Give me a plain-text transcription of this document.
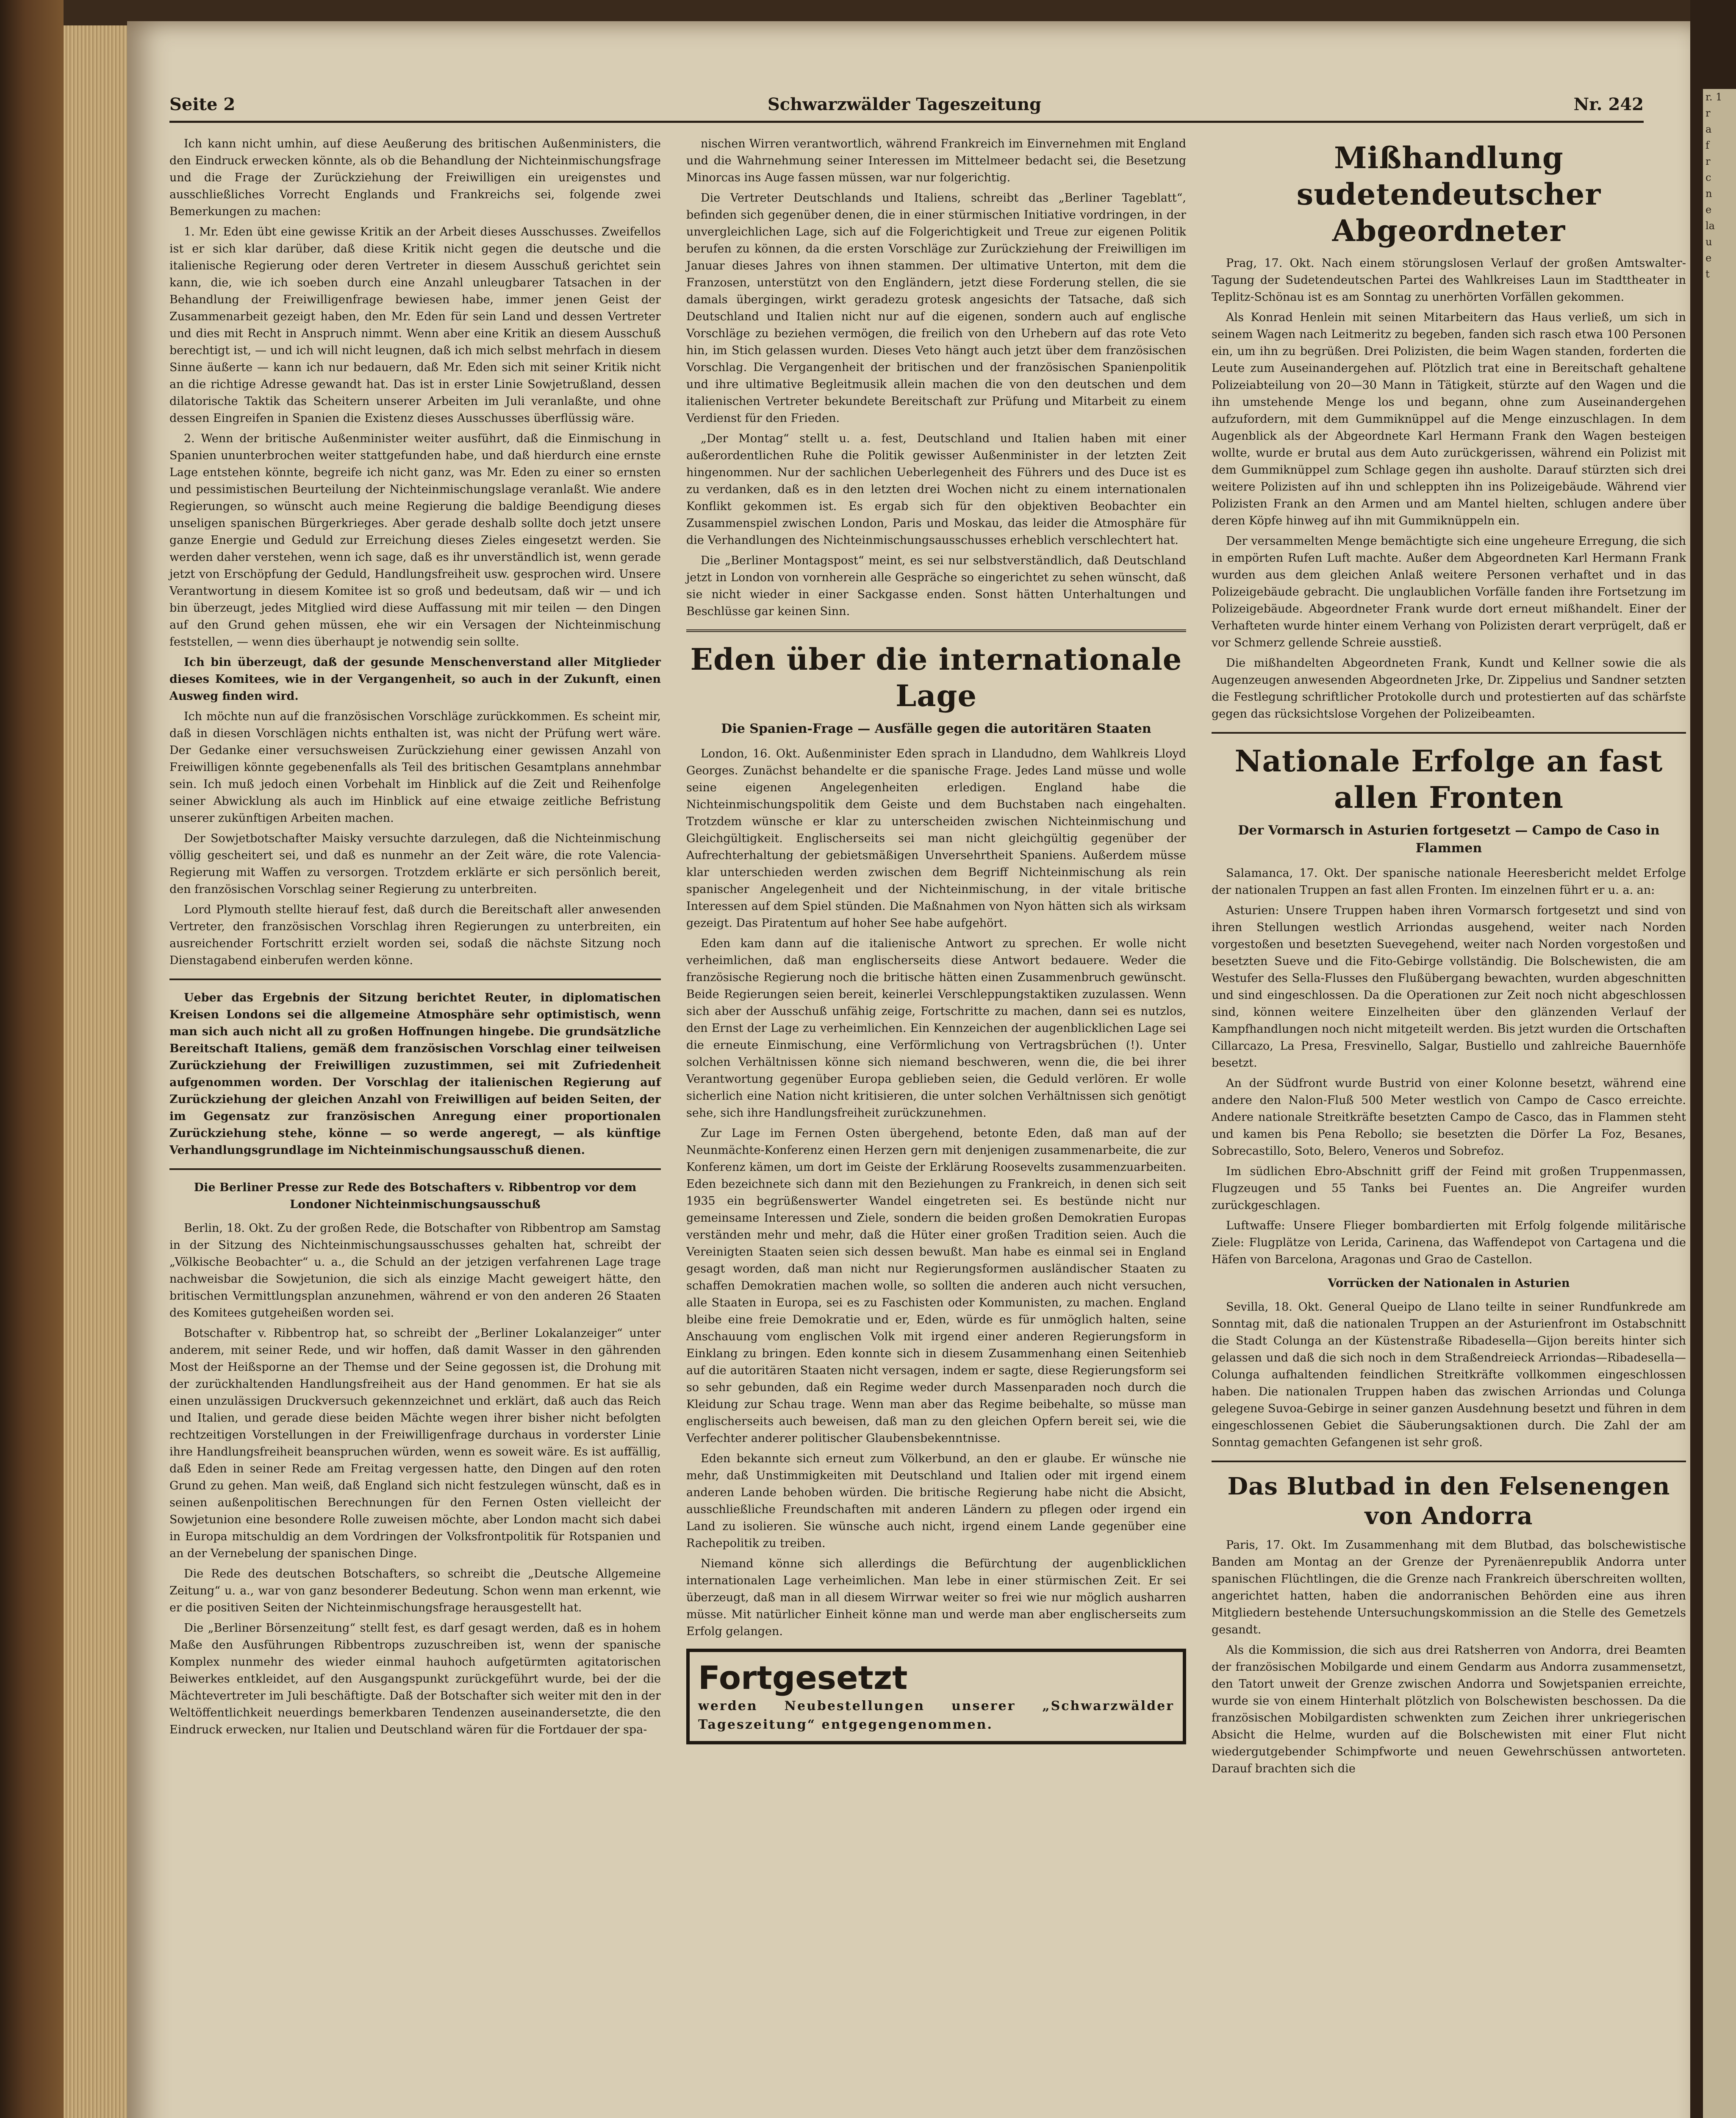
Seite 2	Schwarzwälder Tageszeitung	Nr. 242

Ich kann nicht umhin, auf diese Aeußerung des britischen Außenministers, die den Eindruck erwecken könnte, als ob die Behandlung der Nichteinmischungsfrage und die Frage der Zurückziehung der Freiwilligen ein ureigenstes und ausschließliches Vorrecht Englands und Frankreichs sei, folgende zwei Bemerkungen zu machen:

1. Mr. Eden übt eine gewisse Kritik an der Arbeit dieses Ausschusses. Zweifellos ist er sich klar darüber, daß diese Kritik nicht gegen die deutsche und die italienische Regierung oder deren Vertreter in diesem Ausschuß gerichtet sein kann, die, wie ich soeben durch eine Anzahl unleugbarer Tatsachen in der Behandlung der Freiwilligenfrage bewiesen habe, immer jenen Geist der Zusammenarbeit gezeigt haben, den Mr. Eden für sein Land und dessen Vertreter und dies mit Recht in Anspruch nimmt. Wenn aber eine Kritik an diesem Ausschuß berechtigt ist, — und ich will nicht leugnen, daß ich mich selbst mehrfach in diesem Sinne äußerte — kann ich nur bedauern, daß Mr. Eden sich mit seiner Kritik nicht an die richtige Adresse gewandt hat. Das ist in erster Linie Sowjetrußland, dessen dilatorische Taktik das Scheitern unserer Arbeiten im Juli veranlaßte, und ohne dessen Eingreifen in Spanien die Existenz dieses Ausschusses überflüssig wäre.

2. Wenn der britische Außenminister weiter ausführt, daß die Einmischung in Spanien ununterbrochen weiter stattgefunden habe, und daß hierdurch eine ernste Lage entstehen könnte, begreife ich nicht ganz, was Mr. Eden zu einer so ernsten und pessimistischen Beurteilung der Nichteinmischungslage veranlaßt. Wie andere Regierungen, so wünscht auch meine Regierung die baldige Beendigung dieses unseligen spanischen Bürgerkrieges. Aber gerade deshalb sollte doch jetzt unsere ganze Energie und Geduld zur Erreichung dieses Zieles eingesetzt werden. Sie werden daher verstehen, wenn ich sage, daß es ihr unverständlich ist, wenn gerade jetzt von Erschöpfung der Geduld, Handlungsfreiheit usw. gesprochen wird. Unsere Verantwortung in diesem Komitee ist so groß und bedeutsam, daß wir — und ich bin überzeugt, jedes Mitglied wird diese Auffassung mit mir teilen — den Dingen auf den Grund gehen müssen, ehe wir ein Versagen der Nichteinmischung feststellen, — wenn dies überhaupt je notwendig sein sollte.

Ich bin überzeugt, daß der gesunde Menschenverstand aller Mitglieder dieses Komitees, wie in der Vergangenheit, so auch in der Zukunft, einen Ausweg finden wird.

Ich möchte nun auf die französischen Vorschläge zurückkommen. Es scheint mir, daß in diesen Vorschlägen nichts enthalten ist, was nicht der Prüfung wert wäre. Der Gedanke einer versuchsweisen Zurückziehung einer gewissen Anzahl von Freiwilligen könnte gegebenenfalls als Teil des britischen Gesamtplans annehmbar sein. Ich muß jedoch einen Vorbehalt im Hinblick auf die Zeit und Reihenfolge seiner Abwicklung als auch im Hinblick auf eine etwaige zeitliche Befristung unserer zukünftigen Arbeiten machen.

Der Sowjetbotschafter Maisky versuchte darzulegen, daß die Nichteinmischung völlig gescheitert sei, und daß es nunmehr an der Zeit wäre, die rote Valencia-Regierung mit Waffen zu versorgen. Trotzdem erklärte er sich persönlich bereit, den französischen Vorschlag seiner Regierung zu unterbreiten.

Lord Plymouth stellte hierauf fest, daß durch die Bereitschaft aller anwesenden Vertreter, den französischen Vorschlag ihren Regierungen zu unterbreiten, ein ausreichender Fortschritt erzielt worden sei, sodaß die nächste Sitzung noch Dienstagabend einberufen werden könne.

Ueber das Ergebnis der Sitzung berichtet Reuter, in diplomatischen Kreisen Londons sei die allgemeine Atmosphäre sehr optimistisch, wenn man sich auch nicht all zu großen Hoffnungen hingebe. Die grundsätzliche Bereitschaft Italiens, gemäß dem französischen Vorschlag einer teilweisen Zurückziehung der Freiwilligen zuzustimmen, sei mit Zufriedenheit aufgenommen worden. Der Vorschlag der italienischen Regierung auf Zurückziehung der gleichen Anzahl von Freiwilligen auf beiden Seiten, der im Gegensatz zur französischen Anregung einer proportionalen Zurückziehung stehe, könne — so werde angeregt, — als künftige Verhandlungsgrundlage im Nichteinmischungsausschuß dienen.

Die Berliner Presse zur Rede des Botschafters v. Ribbentrop vor dem Londoner Nichteinmischungsausschuß

Berlin, 18. Okt. Zu der großen Rede, die Botschafter von Ribbentrop am Samstag in der Sitzung des Nichteinmischungsausschusses gehalten hat, schreibt der „Völkische Beobachter“ u. a., die Schuld an der jetzigen verfahrenen Lage trage nachweisbar die Sowjetunion, die sich als einzige Macht geweigert hätte, den britischen Vermittlungsplan anzunehmen, während er von den anderen 26 Staaten des Komitees gutgeheißen worden sei.

Botschafter v. Ribbentrop hat, so schreibt der „Berliner Lokalanzeiger“ unter anderem, mit seiner Rede, und wir hoffen, daß damit Wasser in den gährenden Most der Heißsporne an der Themse und der Seine gegossen ist, die Drohung mit der zurückhaltenden Handlungsfreiheit aus der Hand genommen. Er hat sie als einen unzulässigen Druckversuch gekennzeichnet und erklärt, daß auch das Reich und Italien, und gerade diese beiden Mächte wegen ihrer bisher nicht befolgten rechtzeitigen Vorstellungen in der Freiwilligenfrage durchaus in vorderster Linie ihre Handlungsfreiheit beanspruchen würden, wenn es soweit wäre. Es ist auffällig, daß Eden in seiner Rede am Freitag vergessen hatte, den Dingen auf den roten Grund zu gehen. Man weiß, daß England sich nicht festzulegen wünscht, daß es in seinen außenpolitischen Berechnungen für den Fernen Osten vielleicht der Sowjetunion eine besondere Rolle zuweisen möchte, aber London macht sich dabei in Europa mitschuldig an dem Vordringen der Volksfrontpolitik für Rotspanien und an der Vernebelung der spanischen Dinge.

Die Rede des deutschen Botschafters, so schreibt die „Deutsche Allgemeine Zeitung“ u. a., war von ganz besonderer Bedeutung. Schon wenn man erkennt, wie er die positiven Seiten der Nichteinmischungsfrage herausgestellt hat.

Die „Berliner Börsenzeitung“ stellt fest, es darf gesagt werden, daß es in hohem Maße den Ausführungen Ribbentrops zuzuschreiben ist, wenn der spanische Komplex nunmehr des wieder einmal hauhoch aufgetürmten agitatorischen Beiwerkes entkleidet, auf den Ausgangspunkt zurückgeführt wurde, bei der die Mächtevertreter im Juli beschäftigte. Daß der Botschafter sich weiter mit den in der Weltöffentlichkeit neuerdings bemerkbaren Tendenzen auseinandersetzte, die den Eindruck erwecken, nur Italien und Deutschland wären für die Fortdauer der spa-

nischen Wirren verantwortlich, während Frankreich im Einvernehmen mit England und die Wahrnehmung seiner Interessen im Mittelmeer bedacht sei, die Besetzung Minorcas ins Auge fassen müssen, war nur folgerichtig.

Die Vertreter Deutschlands und Italiens, schreibt das „Berliner Tageblatt“, befinden sich gegenüber denen, die in einer stürmischen Initiative vordringen, in der unvergleichlichen Lage, sich auf die Folgerichtigkeit und Treue zur eigenen Politik berufen zu können, da die ersten Vorschläge zur Zurückziehung der Freiwilligen im Januar dieses Jahres von ihnen stammen. Der ultimative Unterton, mit dem die Franzosen, unterstützt von den Engländern, jetzt diese Forderung stellen, die sie damals übergingen, wirkt geradezu grotesk angesichts der Tatsache, daß sich Deutschland und Italien nicht nur auf die eigenen, sondern auch auf englische Vorschläge zu beziehen vermögen, die freilich von den Urhebern auf das rote Veto hin, im Stich gelassen wurden. Dieses Veto hängt auch jetzt über dem französischen Vorschlag. Die Vergangenheit der britischen und der französischen Spanienpolitik und ihre ultimative Begleitmusik allein machen die von den deutschen und dem italienischen Vertreter bekundete Bereitschaft zur Prüfung und Mitarbeit zu einem Verdienst für den Frieden.

„Der Montag“ stellt u. a. fest, Deutschland und Italien haben mit einer außerordentlichen Ruhe die Politik gewisser Außenminister in der letzten Zeit hingenommen. Nur der sachlichen Ueberlegenheit des Führers und des Duce ist es zu verdanken, daß es in den letzten drei Wochen nicht zu einem internationalen Konflikt gekommen ist. Es ergab sich für den objektiven Beobachter ein Zusammenspiel zwischen London, Paris und Moskau, das leider die Atmosphäre für die Verhandlungen des Nichteinmischungsausschusses erheblich verschlechtert hat.

Die „Berliner Montagspost“ meint, es sei nur selbstverständlich, daß Deutschland jetzt in London von vornherein alle Gespräche so eingerichtet zu sehen wünscht, daß sie nicht wieder in einer Sackgasse enden. Sonst hätten Unterhaltungen und Beschlüsse gar keinen Sinn.

Eden über die internationale Lage
Die Spanien-Frage — Ausfälle gegen die autoritären Staaten

London, 16. Okt. Außenminister Eden sprach in Llandudno, dem Wahlkreis Lloyd Georges. Zunächst behandelte er die spanische Frage. Jedes Land müsse und wolle seine eigenen Angelegenheiten erledigen. England habe die Nichteinmischungspolitik dem Geiste und dem Buchstaben nach eingehalten. Trotzdem wünsche er klar zu unterscheiden zwischen Nichteinmischung und Gleichgültigkeit. Englischerseits sei man nicht gleichgültig gegenüber der Aufrechterhaltung der gebietsmäßigen Unversehrtheit Spaniens. Außerdem müsse klar unterschieden werden zwischen dem Begriff Nichteinmischung als rein spanischer Angelegenheit und der Nichteinmischung, in der vitale britische Interessen auf dem Spiel stünden. Die Maßnahmen von Nyon hätten sich als wirksam gezeigt. Das Piratentum auf hoher See habe aufgehört.

Eden kam dann auf die italienische Antwort zu sprechen. Er wolle nicht verheimlichen, daß man englischerseits diese Antwort bedauere. Weder die französische Regierung noch die britische hätten einen Zusammenbruch gewünscht. Beide Regierungen seien bereit, keinerlei Verschleppungstaktiken zuzulassen. Wenn sich aber der Ausschuß unfähig zeige, Fortschritte zu machen, dann sei es nutzlos, den Ernst der Lage zu verheimlichen. Ein Kennzeichen der augenblicklichen Lage sei die erneute Einmischung, eine Verförmlichung von Vertragsbrüchen (!). Unter solchen Verhältnissen könne sich niemand beschweren, wenn die, die bei ihrer Verantwortung gegenüber Europa geblieben seien, die Geduld verlören. Er wolle sicherlich eine Nation nicht kritisieren, die unter solchen Verhältnissen sich genötigt sehe, sich ihre Handlungsfreiheit zurückzunehmen.

Zur Lage im Fernen Osten übergehend, betonte Eden, daß man auf der Neunmächte-Konferenz einen Herzen gern mit denjenigen zusammenarbeite, die zur Konferenz kämen, um dort im Geiste der Erklärung Roosevelts zusammenzuarbeiten. Eden bezeichnete sich dann mit den Beziehungen zu Frankreich, in denen sich seit 1935 ein begrüßenswerter Wandel eingetreten sei. Es bestünde nicht nur gemeinsame Interessen und Ziele, sondern die beiden großen Demokratien Europas verständen mehr und mehr, daß die Hüter einer großen Tradition seien. Auch die Vereinigten Staaten seien sich dessen bewußt. Man habe es einmal sei in England gesagt worden, daß man nicht nur Regierungsformen ausländischer Staaten zu schaffen Demokratien machen wolle, so sollten die anderen auch nicht versuchen, alle Staaten in Europa, sei es zu Faschisten oder Kommunisten, zu machen. England bleibe eine freie Demokratie und er, Eden, würde es für unmöglich halten, seine Anschauung vom englischen Volk mit irgend einer anderen Regierungsform in Einklang zu bringen. Eden konnte sich in diesem Zusammenhang einen Seitenhieb auf die autoritären Staaten nicht versagen, indem er sagte, diese Regierungsform sei so sehr gebunden, daß ein Regime weder durch Massenparaden noch durch die Kleidung zur Schau trage. Wenn man aber das Regime beibehalte, so müsse man englischerseits auch beweisen, daß man zu den gleichen Opfern bereit sei, wie die Verfechter anderer politischer Glaubensbekenntnisse.

Eden bekannte sich erneut zum Völkerbund, an den er glaube. Er wünsche nie mehr, daß Unstimmigkeiten mit Deutschland und Italien oder mit irgend einem anderen Lande behoben würden. Die britische Regierung habe nicht die Absicht, ausschließliche Freundschaften mit anderen Ländern zu pflegen oder irgend ein Land zu isolieren. Sie wünsche auch nicht, irgend einem Lande gegenüber eine Rachepolitik zu treiben.

Niemand könne sich allerdings die Befürchtung der augenblicklichen internationalen Lage verheimlichen. Man lebe in einer stürmischen Zeit. Er sei überzeugt, daß man in all diesem Wirrwar weiter so frei wie nur möglich ausharren müsse. Mit natürlicher Einheit könne man und werde man aber englischerseits zum Erfolg gelangen.

Fortgesetzt
werden Neubestellungen unserer „Schwarzwälder Tageszeitung“ entgegengenommen.
Mißhandlung sudetendeutscher Abgeordneter

Prag, 17. Okt. Nach einem störungslosen Verlauf der großen Amtswalter-Tagung der Sudetendeutschen Partei des Wahlkreises Laun im Stadttheater in Teplitz-Schönau ist es am Sonntag zu unerhörten Vorfällen gekommen.

Als Konrad Henlein mit seinen Mitarbeitern das Haus verließ, um sich in seinem Wagen nach Leitmeritz zu begeben, fanden sich rasch etwa 100 Personen ein, um ihn zu begrüßen. Drei Polizisten, die beim Wagen standen, forderten die Leute zum Auseinandergehen auf. Plötzlich trat eine in Bereitschaft gehaltene Polizeiabteilung von 20—30 Mann in Tätigkeit, stürzte auf den Wagen und die ihn umstehende Menge los und begann, ohne zum Auseinandergehen aufzufordern, mit dem Gummiknüppel auf die Menge einzuschlagen. In dem Augenblick als der Abgeordnete Karl Hermann Frank den Wagen besteigen wollte, wurde er brutal aus dem Auto zurückgerissen, während ein Polizist mit dem Gummiknüppel zum Schlage gegen ihn ausholte. Darauf stürzten sich drei weitere Polizisten auf ihn und schleppten ihn ins Polizeigebäude. Während vier Polizisten Frank an den Armen und am Mantel hielten, schlugen andere über deren Köpfe hinweg auf ihn mit Gummiknüppeln ein.

Der versammelten Menge bemächtigte sich eine ungeheure Erregung, die sich in empörten Rufen Luft machte. Außer dem Abgeordneten Karl Hermann Frank wurden aus dem gleichen Anlaß weitere Personen verhaftet und in das Polizeigebäude gebracht. Die unglaublichen Vorfälle fanden ihre Fortsetzung im Polizeigebäude. Abgeordneter Frank wurde dort erneut mißhandelt. Einer der Verhafteten wurde hinter einem Verhang von Polizisten derart verprügelt, daß er vor Schmerz gellende Schreie ausstieß.

Die mißhandelten Abgeordneten Frank, Kundt und Kellner sowie die als Augenzeugen anwesenden Abgeordneten Jrke, Dr. Zippelius und Sandner setzten die Festlegung schriftlicher Protokolle durch und protestierten auf das schärfste gegen das rücksichtslose Vorgehen der Polizeibeamten.

Nationale Erfolge an fast allen Fronten
Der Vormarsch in Asturien fortgesetzt — Campo de Caso in Flammen

Salamanca, 17. Okt. Der spanische nationale Heeresbericht meldet Erfolge der nationalen Truppen an fast allen Fronten. Im einzelnen führt er u. a. an:

Asturien: Unsere Truppen haben ihren Vormarsch fortgesetzt und sind von ihren Stellungen westlich Arriondas ausgehend, weiter nach Norden vorgestoßen und besetzten Suevegehend, weiter nach Norden vorgestoßen und besetzten Sueve und die Fito-Gebirge vollständig. Die Bolschewisten, die am Westufer des Sella-Flusses den Flußübergang bewachten, wurden abgeschnitten und sind eingeschlossen. Da die Operationen zur Zeit noch nicht abgeschlossen sind, können weitere Einzelheiten über den glänzenden Verlauf der Kampfhandlungen noch nicht mitgeteilt werden. Bis jetzt wurden die Ortschaften Cillarcazo, La Presa, Fresvinello, Salgar, Bustiello und zahlreiche Bauernhöfe besetzt.

An der Südfront wurde Bustrid von einer Kolonne besetzt, während eine andere den Nalon-Fluß 500 Meter westlich von Campo de Casco erreichte. Andere nationale Streitkräfte besetzten Campo de Casco, das in Flammen steht und kamen bis Pena Rebollo; sie besetzten die Dörfer La Foz, Besanes, Sobrecastillo, Soto, Belero, Veneros und Sobrefoz.

Im südlichen Ebro-Abschnitt griff der Feind mit großen Truppenmassen, Flugzeugen und 55 Tanks bei Fuentes an. Die Angreifer wurden zurückgeschlagen.

Luftwaffe: Unsere Flieger bombardierten mit Erfolg folgende militärische Ziele: Flugplätze von Lerida, Carinena, das Waffendepot von Cartagena und die Häfen von Barcelona, Aragonas und Grao de Castellon.

Vorrücken der Nationalen in Asturien

Sevilla, 18. Okt. General Queipo de Llano teilte in seiner Rundfunkrede am Sonntag mit, daß die nationalen Truppen an der Asturienfront im Ostabschnitt die Stadt Colunga an der Küstenstraße Ribadesella—Gijon bereits hinter sich gelassen und daß die sich noch in dem Straßendreieck Arriondas—Ribadesella—Colunga aufhaltenden feindlichen Streitkräfte vollkommen eingeschlossen haben. Die nationalen Truppen haben das zwischen Arriondas und Colunga gelegene Suvoa-Gebirge in seiner ganzen Ausdehnung besetzt und führen in dem eingeschlossenen Gebiet die Säuberungsaktionen durch. Die Zahl der am Sonntag gemachten Gefangenen ist sehr groß.

Das Blutbad in den Felsenengen von Andorra

Paris, 17. Okt. Im Zusammenhang mit dem Blutbad, das bolschewistische Banden am Montag an der Grenze der Pyrenäenrepublik Andorra unter spanischen Flüchtlingen, die die Grenze nach Frankreich überschreiten wollten, angerichtet hatten, haben die andorranischen Behörden eine aus ihren Mitgliedern bestehende Untersuchungskommission an die Stelle des Gemetzels gesandt.

Als die Kommission, die sich aus drei Ratsherren von Andorra, drei Beamten der französischen Mobilgarde und einem Gendarm aus Andorra zusammensetzt, den Tatort unweit der Grenze zwischen Andorra und Sowjetspanien erreichte, wurde sie von einem Hinterhalt plötzlich von Bolschewisten beschossen. Da die französischen Mobilgardisten schwenkten zum Zeichen ihrer unkriegerischen Absicht die Helme, wurden auf die Bolschewisten mit einer Flut nicht wiedergutgebender Schimpfworte und neuen Gewehrschüssen antworteten. Darauf brachten sich die

r. 1
r
a
f
r
c
n
e
la
u
e
t
